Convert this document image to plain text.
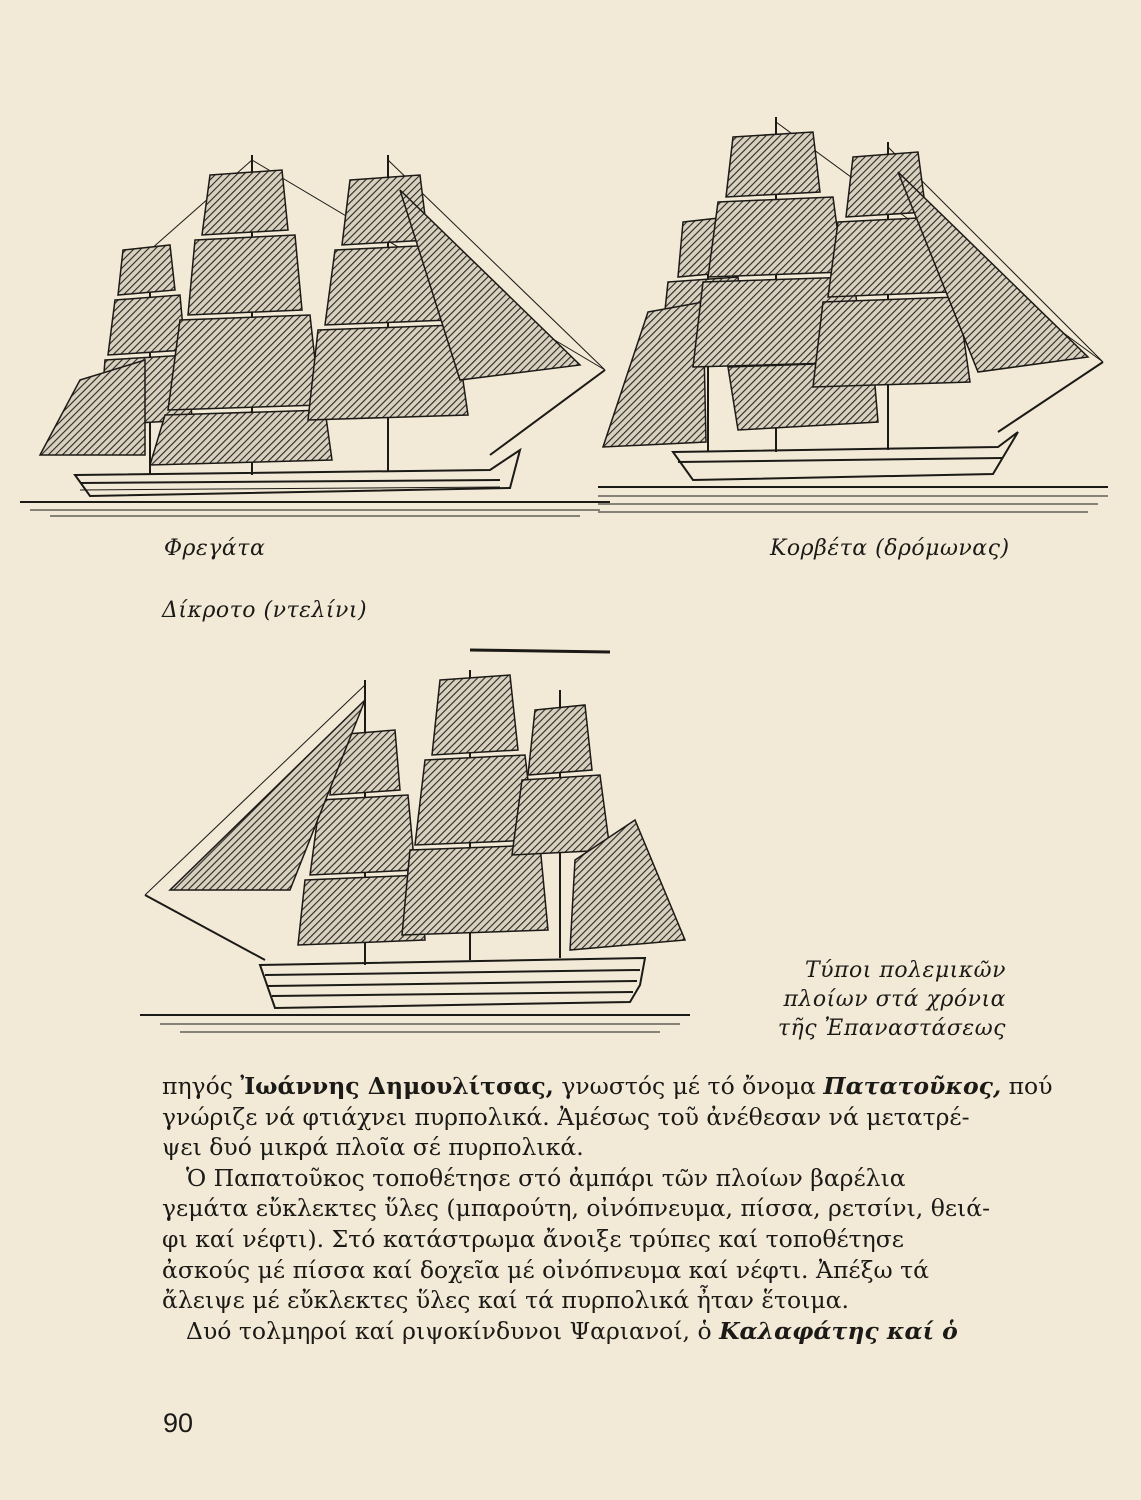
Φρεγάτα	Κορβέτα (δρόμωνας)
Δίκροτο (ντελίνι)
Τύποι πολεμικῶν
πλοίων στά χρόνια
τῆς Ἐπαναστάσεως
πηγός Ἰωάννης Δημουλίτσας, γνωστός μέ τό ὄνομα Πατατοῦκος, πού
γνώριζε νά φτιάχνει πυρπολικά. Ἀμέσως τοῦ ἀνέθεσαν νά μετατρέ-
ψει δυό μικρά πλοῖα σέ πυρπολικά.
Ὁ Παπατοῦκος τοποθέτησε στό ἀμπάρι τῶν πλοίων βαρέλια
γεμάτα εὔκλεκτες ὕλες (μπαρούτη, οἰνόπνευμα, πίσσα, ρετσίνι, θειά-
φι καί νέφτι). Στό κατάστρωμα ἄνοιξε τρύπες καί τοποθέτησε
ἀσκούς μέ πίσσα καί δοχεῖα μέ οἰνόπνευμα καί νέφτι. Ἀπέξω τά
ἄλειψε μέ εὔκλεκτες ὕλες καί τά πυρπολικά ἦταν ἕτοιμα.
Δυό τολμηροί καί ριψοκίνδυνοι Ψαριανοί, ὁ Καλαφάτης καί ὁ
90
